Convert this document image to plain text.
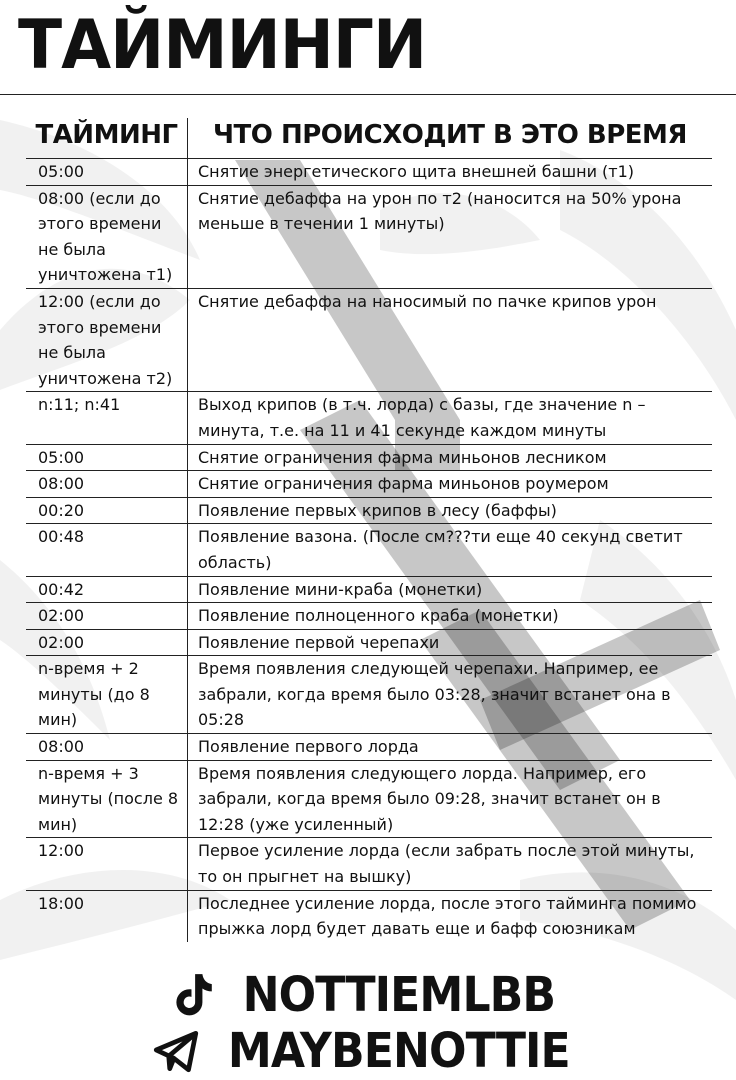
ТАЙМИНГИ
ТАЙМИНГ	ЧТО ПРОИСХОДИТ В ЭТО ВРЕМЯ
05:00	Снятие энергетического щита внешней башни (т1)
08:00 (если до этого времени не была уничтожена т1)	Снятие дебаффа на урон по т2 (наносится на 50% урона меньше в течении 1 минуты)
12:00 (если до этого времени не была уничтожена т2)	Снятие дебаффа на наносимый по пачке крипов урон
n:11; n:41	Выход крипов (в т.ч. лорда) с базы, где значение n – минута, т.е. на 11 и 41 секунде каждом минуты
05:00	Снятие ограничения фарма миньонов лесником
08:00	Снятие ограничения фарма миньонов роумером
00:20	Появление первых крипов в лесу (баффы)
00:48	Появление вазона. (После см???ти еще 40 секунд светит область)
00:42	Появление мини-краба (монетки)
02:00	Появление полноценного краба (монетки)
02:00	Появление первой черепахи
n-время + 2 минуты (до 8 мин)	Время появления следующей черепахи. Например, ее забрали, когда время было 03:28, значит встанет она в 05:28
08:00	Появление первого лорда
n-время + 3 минуты (после 8 мин)	Время появления следующего лорда. Например, его забрали, когда время было 09:28, значит встанет он в 12:28 (уже усиленный)
12:00	Первое усиление лорда (если забрать после этой минуты, то он прыгнет на вышку)
18:00	Последнее усиление лорда, после этого тайминга помимо прыжка лорд будет давать еще и бафф союзникам
NOTTIEMLBB
MAYBENOTTIE
